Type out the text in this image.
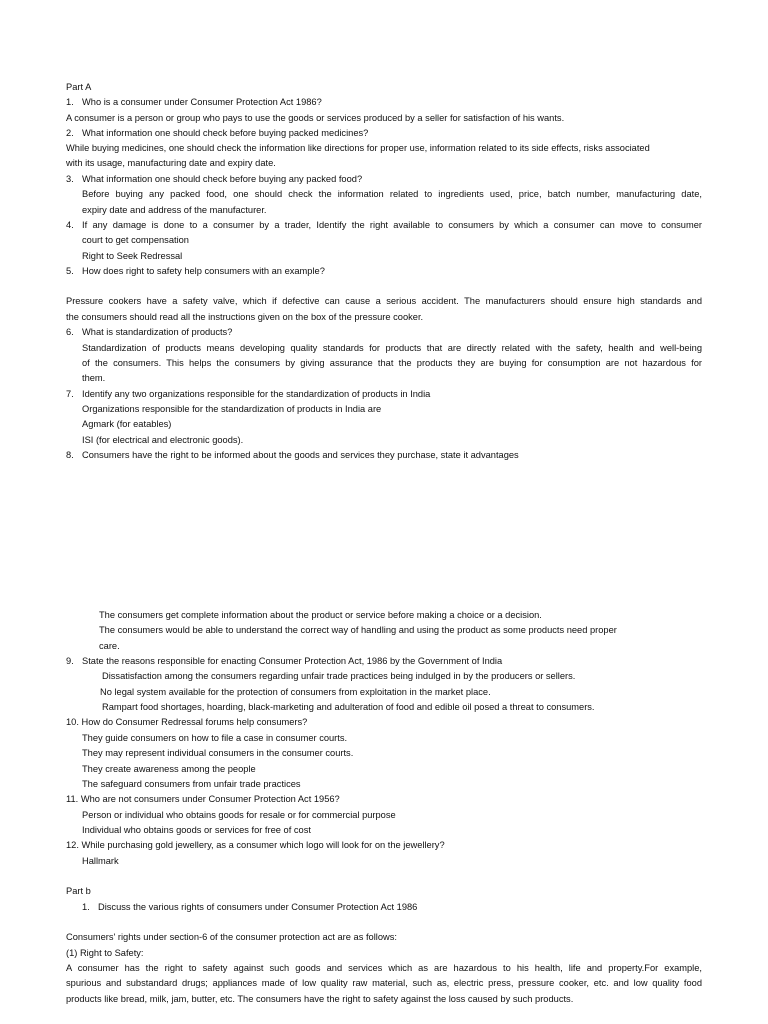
Part A
1. Who is a consumer under Consumer Protection Act 1986?
A consumer is a person or group who pays to use the goods or services produced by a seller for satisfaction of his wants.
2. What information one should check before buying packed medicines?
While buying medicines, one should check the information like directions for proper use, information related to its side effects, risks associated
with its usage, manufacturing date and expiry date.
3. What information one should check before buying any packed food?
Before buying any packed food, one should check the information related to ingredients used, price, batch number, manufacturing date,
expiry date and address of the manufacturer.
4. If any damage is done to a consumer by a trader, Identify the right available to consumers by which a consumer can move to consumer
court to get compensation
Right to Seek Redressal
5. How does right to safety help consumers with an example?
Pressure cookers have a safety valve, which if defective can cause a serious accident. The manufacturers should ensure high standards and
the consumers should read all the instructions given on the box of the pressure cooker.
6. What is standardization of products?
Standardization of products means developing quality standards for products that are directly related with the safety, health and well-being
of the consumers. This helps the consumers by giving assurance that the products they are buying for consumption are not hazardous for
them.
7. Identify any two organizations responsible for the standardization of products in India
Organizations responsible for the standardization of products in India are
Agmark (for eatables)
ISI (for electrical and electronic goods).
8. Consumers have the right to be informed about the goods and services they purchase, state it advantages
The consumers get complete information about the product or service before making a choice or a decision.
The consumers would be able to understand the correct way of handling and using the product as some products need proper
care.
9. State the reasons responsible for enacting Consumer Protection Act, 1986 by the Government of India
Dissatisfaction among the consumers regarding unfair trade practices being indulged in by the producers or sellers.
No legal system available for the protection of consumers from exploitation in the market place.
Rampart food shortages, hoarding, black-marketing and adulteration of food and edible oil posed a threat to consumers.
10. How do Consumer Redressal forums help consumers?
They guide consumers on how to file a case in consumer courts.
They may represent individual consumers in the consumer courts.
They create awareness among the people
The safeguard consumers from unfair trade practices
11. Who are not consumers under Consumer Protection Act 1956?
Person or individual who obtains goods for resale or for commercial purpose
Individual who obtains goods or services for free of cost
12. While purchasing gold jewellery, as a consumer which logo will look for on the jewellery?
Hallmark
Part b
1. Discuss the various rights of consumers under Consumer Protection Act 1986
Consumers' rights under section-6 of the consumer protection act are as follows:
(1) Right to Safety:
A consumer has the right to safety against such goods and services which as are hazardous to his health, life and property.For example,
spurious and substandard drugs; appliances made of low quality raw material, such as, electric press, pressure cooker, etc. and low quality food
products like bread, milk, jam, butter, etc. The consumers have the right to safety against the loss caused by such products.
